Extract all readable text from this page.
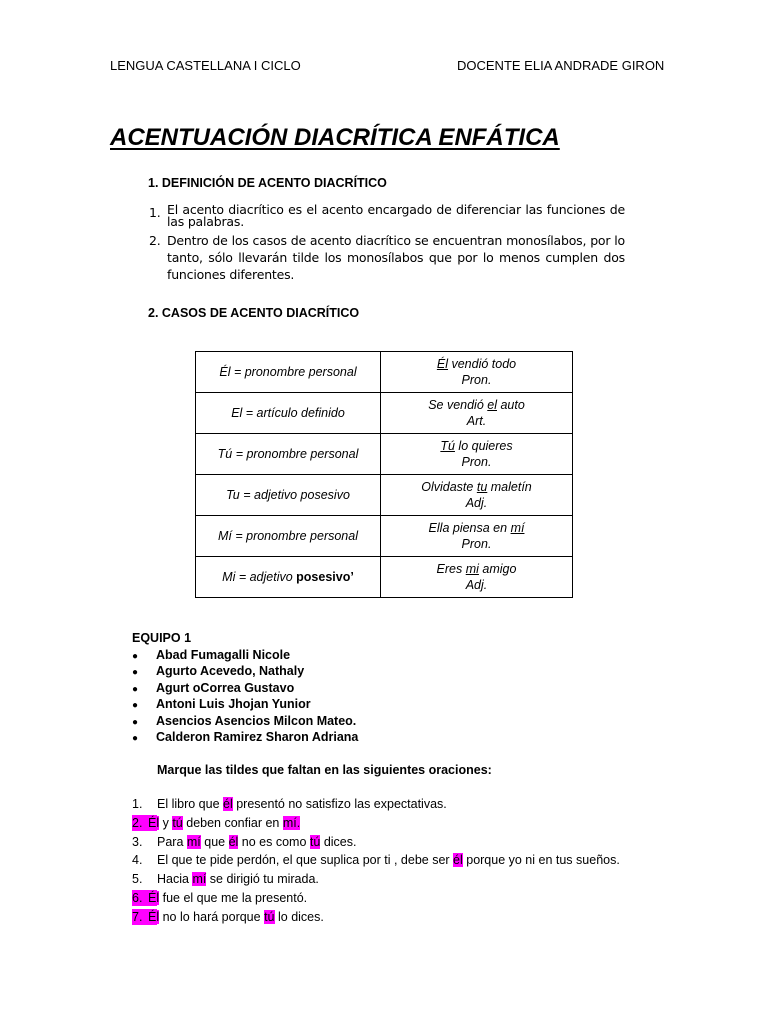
LENGUA CASTELLANA I CICLO	DOCENTE ELIA ANDRADE GIRON
ACENTUACIÓN DIACRÍTICA ENFÁTICA
1. DEFINICIÓN DE ACENTO DIACRÍTICO
1. El acento diacrítico es el acento encargado de diferenciar las funciones de las palabras.
2. Dentro de los casos de acento diacrítico se encuentran monosílabos, por lo tanto, sólo llevarán tilde los monosílabos que por lo menos cumplen dos funciones diferentes.
2. CASOS DE ACENTO DIACRÍTICO
Él = pronombre personal	Él vendió todo
Pron.
El = artículo definido	Se vendió el auto
Art.
Tú = pronombre personal	Tú lo quieres
Pron.
Tu = adjetivo posesivo	Olvidaste tu maletín
Adj.
Mí = pronombre personal	Ella piensa en mí
Pron.
Mi = adjetivo posesivo’	Eres mi amigo
Adj.
EQUIPO 1
● Abad Fumagalli Nicole
● Agurto Acevedo, Nathaly
● Agurt oCorrea Gustavo
● Antoni Luis Jhojan Yunior
● Asencios Asencios Milcon Mateo.
● Calderon Ramirez Sharon Adriana
Marque las tildes que faltan en las siguientes oraciones:
1. El libro que él presentó no satisfizo las expectativas.
2. Él y tú deben confiar en mí.
3. Para mí que él no es como tú dices.
4. El que te pide perdón, el que suplica por ti , debe ser él porque yo ni en tus sueños.
5. Hacia mí se dirigió tu mirada.
6. Él fue el que me la presentó.
7. Él no lo hará porque tú lo dices.
